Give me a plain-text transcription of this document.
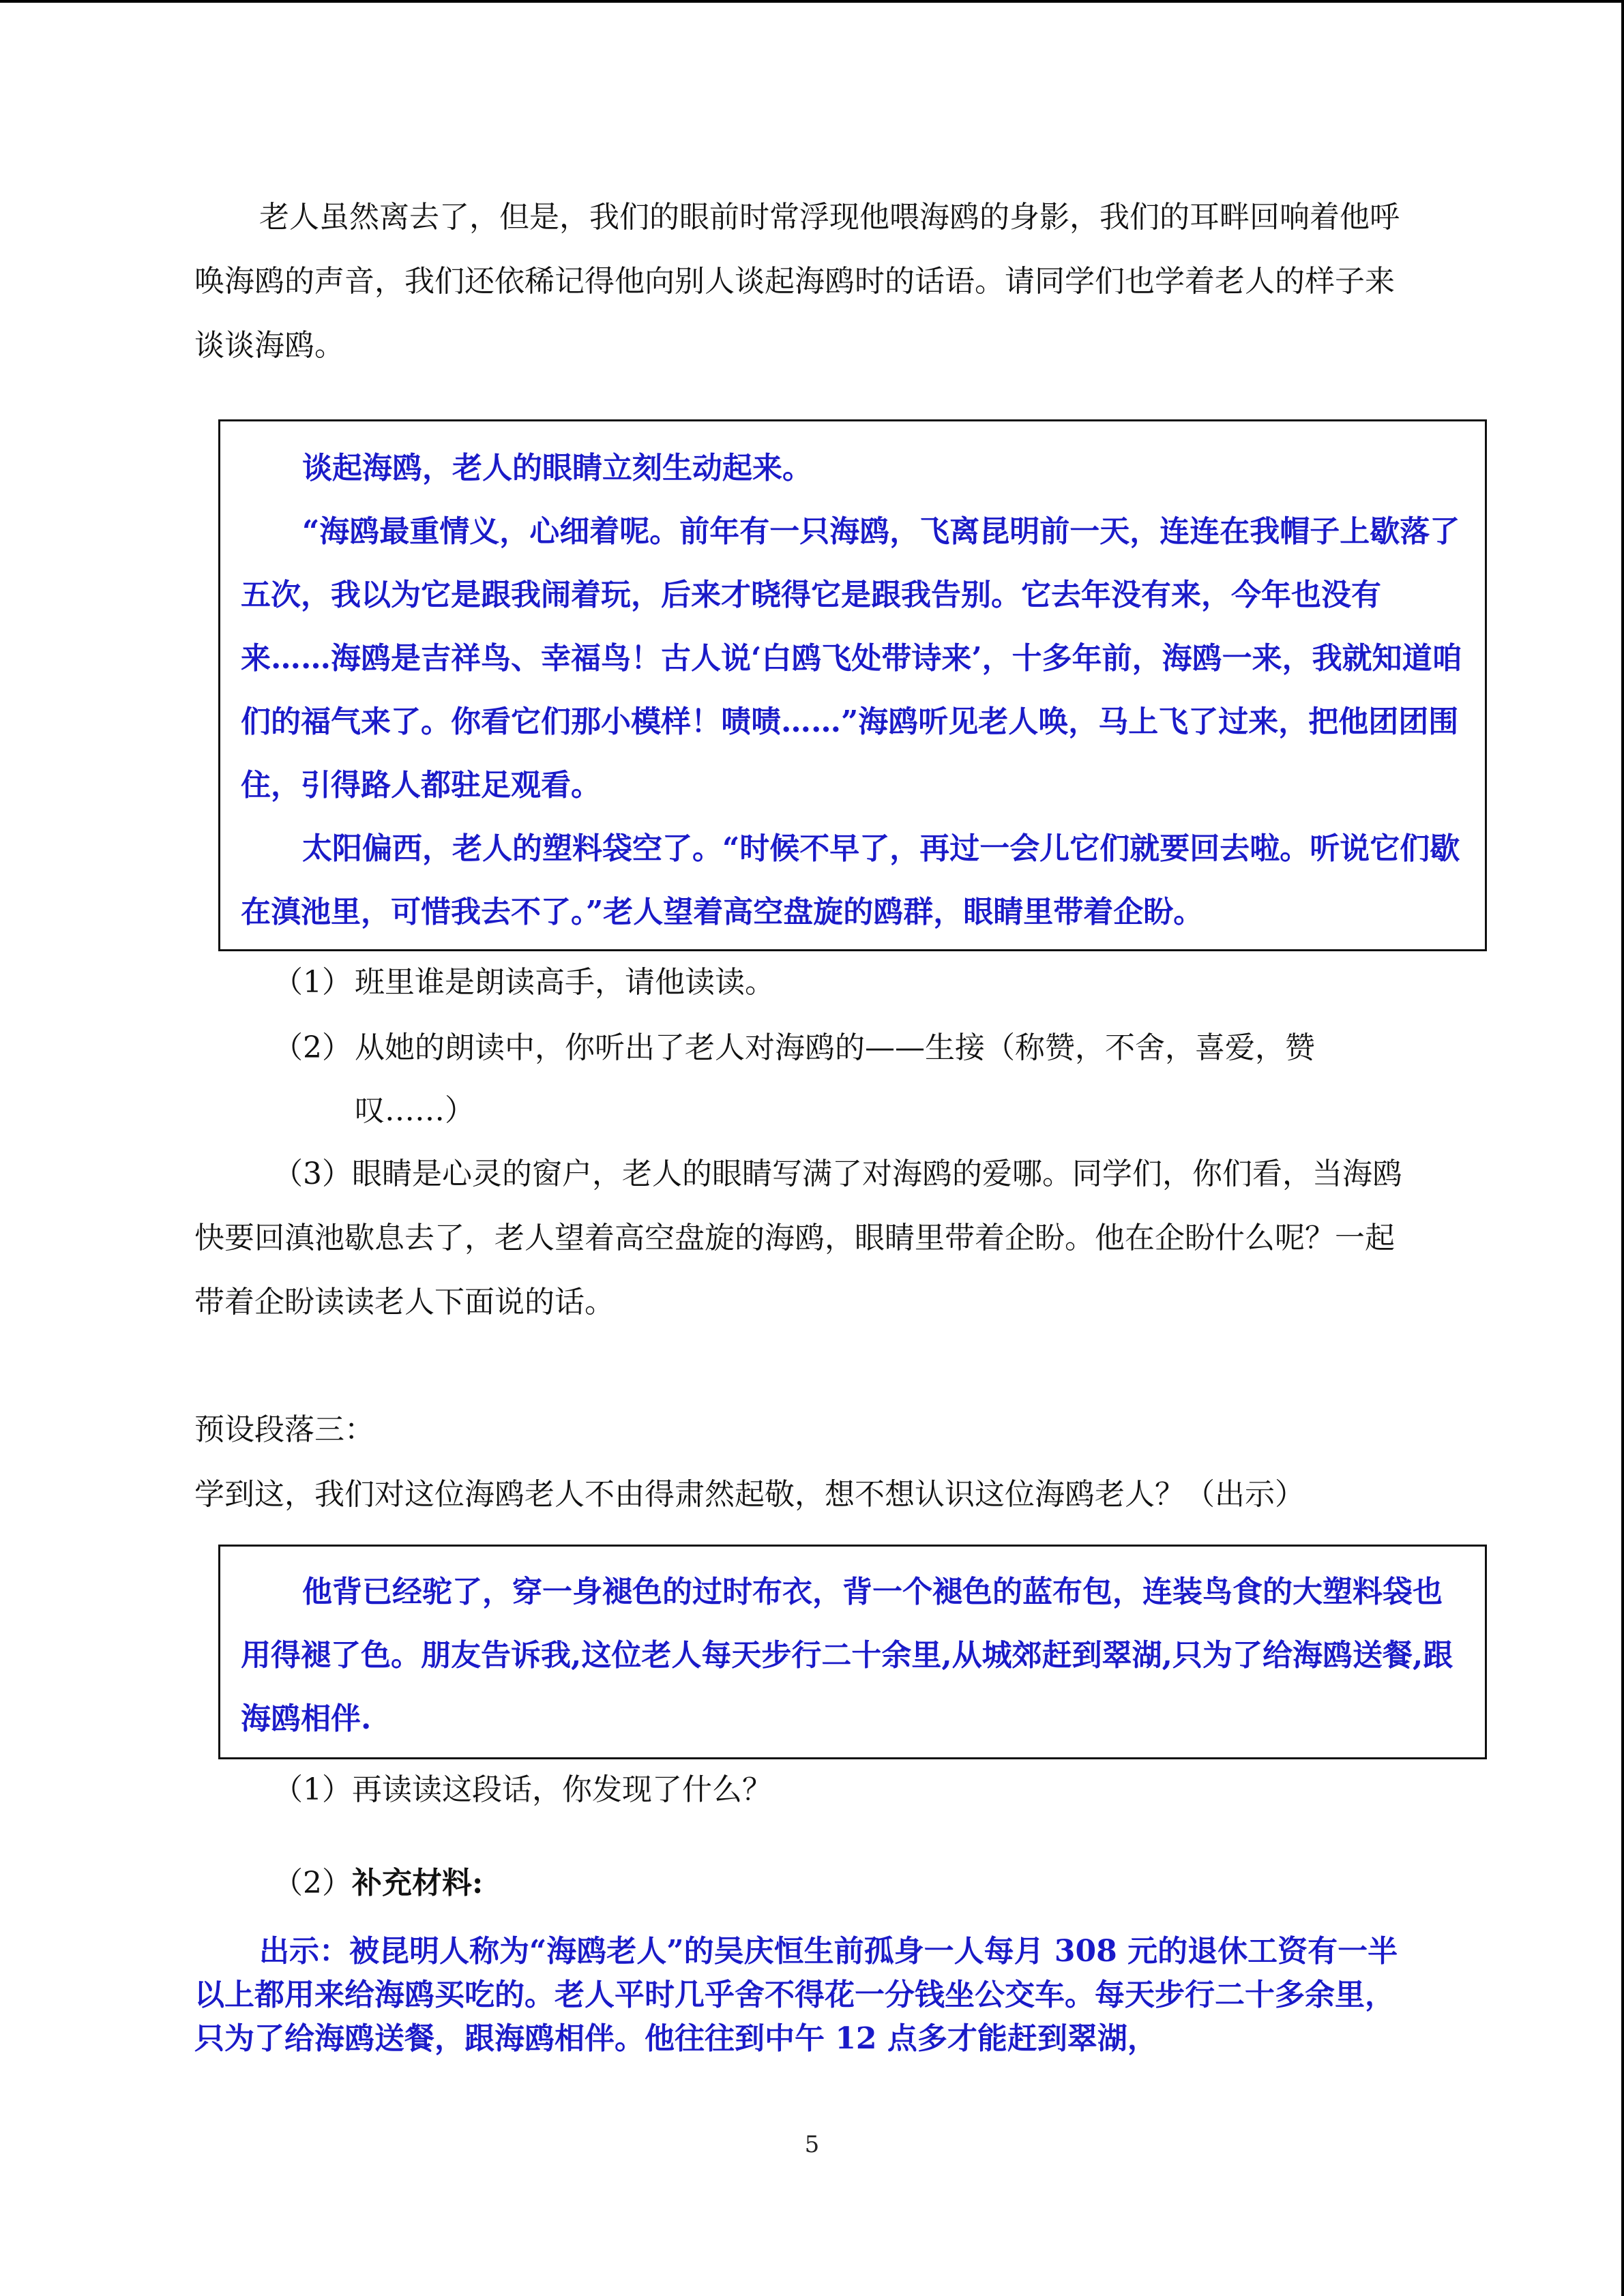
老人虽然离去了，但是，我们的眼前时常浮现他喂海鸥的身影，我们的耳畔回响着他呼唤海鸥的声音，我们还依稀记得他向别人谈起海鸥时的话语。请同学们也学着老人的样子来谈谈海鸥。

谈起海鸥，老人的眼睛立刻生动起来。

“海鸥最重情义，心细着呢。前年有一只海鸥，飞离昆明前一天，连连在我帽子上歇落了五次，我以为它是跟我闹着玩，后来才晓得它是跟我告别。它去年没有来，今年也没有来……海鸥是吉祥鸟、幸福鸟！古人说‘白鸥飞处带诗来’，十多年前，海鸥一来，我就知道咱们的福气来了。你看它们那小模样！啧啧……”海鸥听见老人唤，马上飞了过来，把他团团围住，引得路人都驻足观看。

太阳偏西，老人的塑料袋空了。“时候不早了，再过一会儿它们就要回去啦。听说它们歇在滇池里，可惜我去不了。”老人望着高空盘旋的鸥群，眼睛里带着企盼。

（1）班里谁是朗读高手，请他读读。

（2）从她的朗读中，你听出了老人对海鸥的——生接（称赞，不舍，喜爱，赞

叹……）

（3）眼睛是心灵的窗户，老人的眼睛写满了对海鸥的爱哪。同学们，你们看，当海鸥快要回滇池歇息去了，老人望着高空盘旋的海鸥，眼睛里带着企盼。他在企盼什么呢？一起带着企盼读读老人下面说的话。

预设段落三：

学到这，我们对这位海鸥老人不由得肃然起敬，想不想认识这位海鸥老人？（出示）

他背已经驼了，穿一身褪色的过时布衣，背一个褪色的蓝布包，连装鸟食的大塑料袋也用得褪了色。朋友告诉我,这位老人每天步行二十余里,从城郊赶到翠湖,只为了给海鸥送餐,跟海鸥相伴.

（1）再读读这段话，你发现了什么？

（2）补充材料:

出示：被昆明人称为“海鸥老人”的吴庆恒生前孤身一人每月 308 元的退休工资有一半以上都用来给海鸥买吃的。老人平时几乎舍不得花一分钱坐公交车。每天步行二十多余里，只为了给海鸥送餐，跟海鸥相伴。他往往到中午 12 点多才能赶到翠湖，

5
